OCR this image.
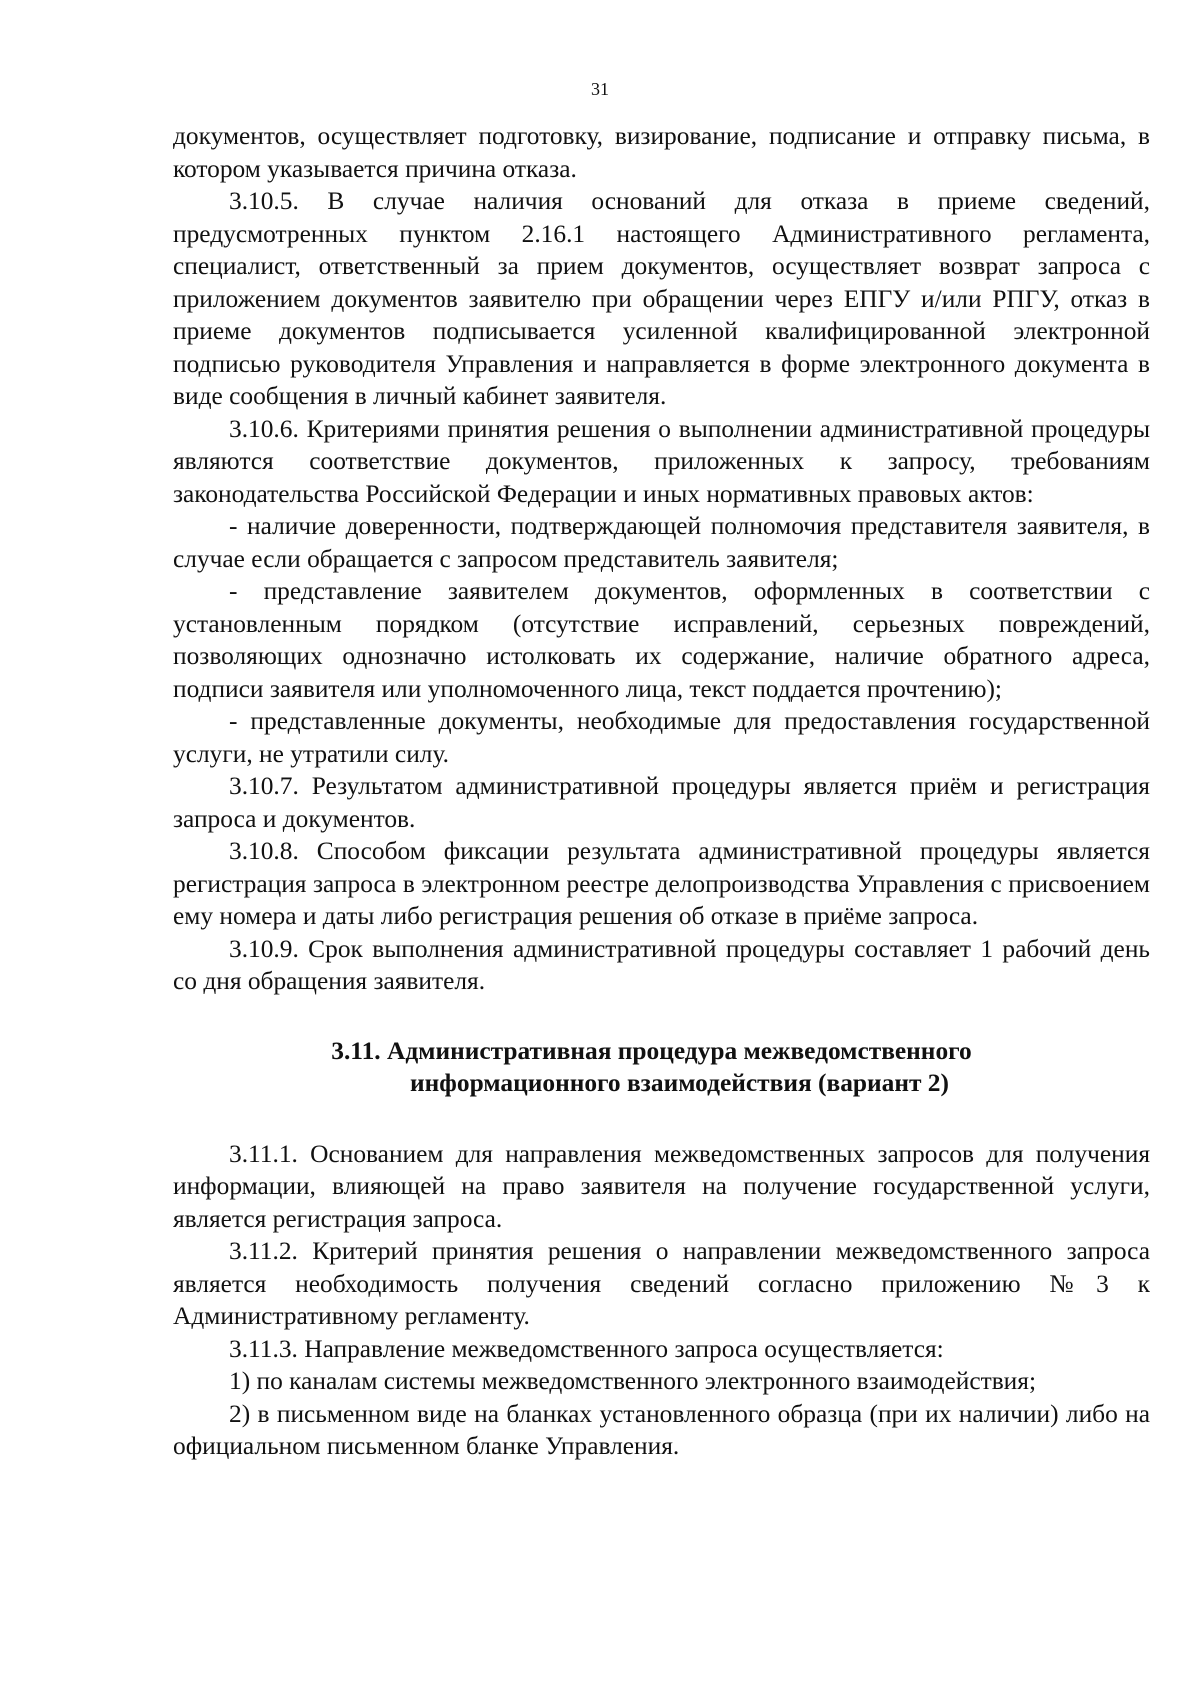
31

документов, осуществляет подготовку, визирование, подписание и отправку письма, в котором указывается причина отказа.

3.10.5. В случае наличия оснований для отказа в приеме сведений, предусмотренных пунктом 2.16.1 настоящего Административного регламента, специалист, ответственный за прием документов, осуществляет возврат запроса с приложением документов заявителю при обращении через ЕПГУ и/или РПГУ, отказ в приеме документов подписывается усиленной квалифицированной электронной подписью руководителя Управления и направляется в форме электронного документа в виде сообщения в личный кабинет заявителя.

3.10.6. Критериями принятия решения о выполнении административной процедуры являются соответствие документов, приложенных к запросу, требованиям законодательства Российской Федерации и иных нормативных правовых актов:

- наличие доверенности, подтверждающей полномочия представителя заявителя, в случае если обращается с запросом представитель заявителя;

- представление заявителем документов, оформленных в соответствии с установленным порядком (отсутствие исправлений, серьезных повреждений, позволяющих однозначно истолковать их содержание, наличие обратного адреса, подписи заявителя или уполномоченного лица, текст поддается прочтению);

- представленные документы, необходимые для предоставления государственной услуги, не утратили силу.

3.10.7. Результатом административной процедуры является приём и регистрация запроса и документов.

3.10.8. Способом фиксации результата административной процедуры является регистрация запроса в электронном реестре делопроизводства Управления с присвоением ему номера и даты либо регистрация решения об отказе в приёме запроса.

3.10.9. Срок выполнения административной процедуры составляет 1 рабочий день со дня обращения заявителя.

3.11. Административная процедура межведомственного
информационного взаимодействия (вариант 2)

3.11.1. Основанием для направления межведомственных запросов для получения информации, влияющей на право заявителя на получение государственной услуги, является регистрация запроса.

3.11.2. Критерий принятия решения о направлении межведомственного запроса является необходимость получения сведений согласно приложению №3 к Административному регламенту.

3.11.3. Направление межведомственного запроса осуществляется:

1) по каналам системы межведомственного электронного взаимодействия;

2) в письменном виде на бланках установленного образца (при их наличии) либо на официальном письменном бланке Управления.
